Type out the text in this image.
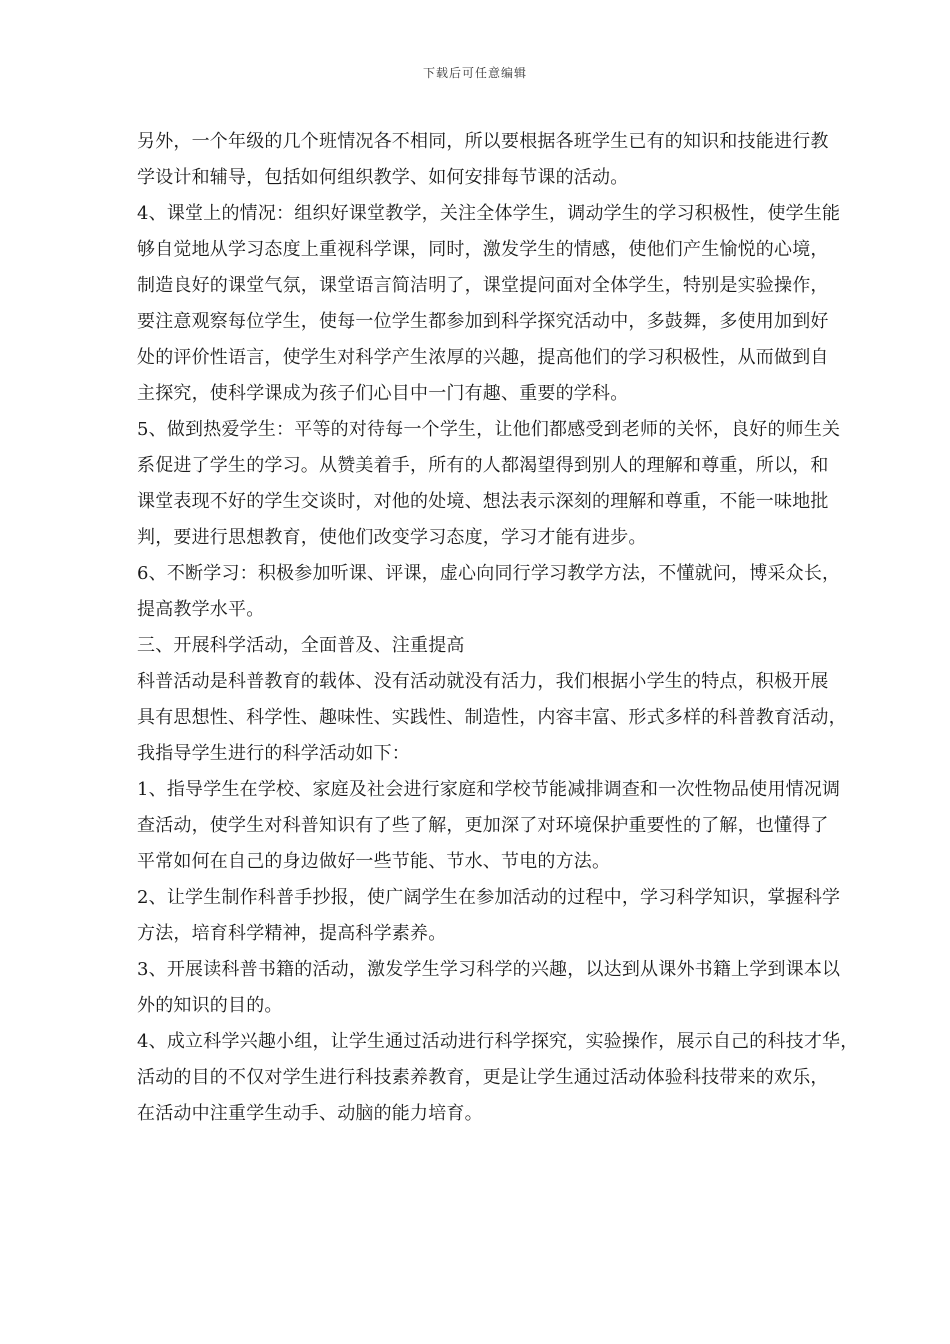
下载后可任意编辑
另外，一个年级的几个班情况各不相同，所以要根据各班学生已有的知识和技能进行教
学设计和辅导，包括如何组织教学、如何安排每节课的活动。
4、课堂上的情况：组织好课堂教学，关注全体学生，调动学生的学习积极性，使学生能
够自觉地从学习态度上重视科学课，同时，激发学生的情感，使他们产生愉悦的心境，
制造良好的课堂气氛，课堂语言简洁明了，课堂提问面对全体学生，特别是实验操作，
要注意观察每位学生，使每一位学生都参加到科学探究活动中，多鼓舞，多使用加到好
处的评价性语言，使学生对科学产生浓厚的兴趣，提高他们的学习积极性，从而做到自
主探究，使科学课成为孩子们心目中一门有趣、重要的学科。
5、做到热爱学生：平等的对待每一个学生，让他们都感受到老师的关怀，良好的师生关
系促进了学生的学习。从赞美着手，所有的人都渴望得到别人的理解和尊重，所以，和
课堂表现不好的学生交谈时，对他的处境、想法表示深刻的理解和尊重，不能一味地批
判，要进行思想教育，使他们改变学习态度，学习才能有进步。
6、不断学习：积极参加听课、评课，虚心向同行学习教学方法，不懂就问，博采众长，
提高教学水平。
三、开展科学活动，全面普及、注重提高
科普活动是科普教育的载体、没有活动就没有活力，我们根据小学生的特点，积极开展
具有思想性、科学性、趣味性、实践性、制造性，内容丰富、形式多样的科普教育活动，
我指导学生进行的科学活动如下：
1、指导学生在学校、家庭及社会进行家庭和学校节能减排调查和一次性物品使用情况调
查活动，使学生对科普知识有了些了解，更加深了对环境保护重要性的了解，也懂得了
平常如何在自己的身边做好一些节能、节水、节电的方法。
2、让学生制作科普手抄报，使广阔学生在参加活动的过程中，学习科学知识，掌握科学
方法，培育科学精神，提高科学素养。
3、开展读科普书籍的活动，激发学生学习科学的兴趣，以达到从课外书籍上学到课本以
外的知识的目的。
4、成立科学兴趣小组，让学生通过活动进行科学探究，实验操作，展示自己的科技才华，
活动的目的不仅对学生进行科技素养教育，更是让学生通过活动体验科技带来的欢乐，
在活动中注重学生动手、动脑的能力培育。
